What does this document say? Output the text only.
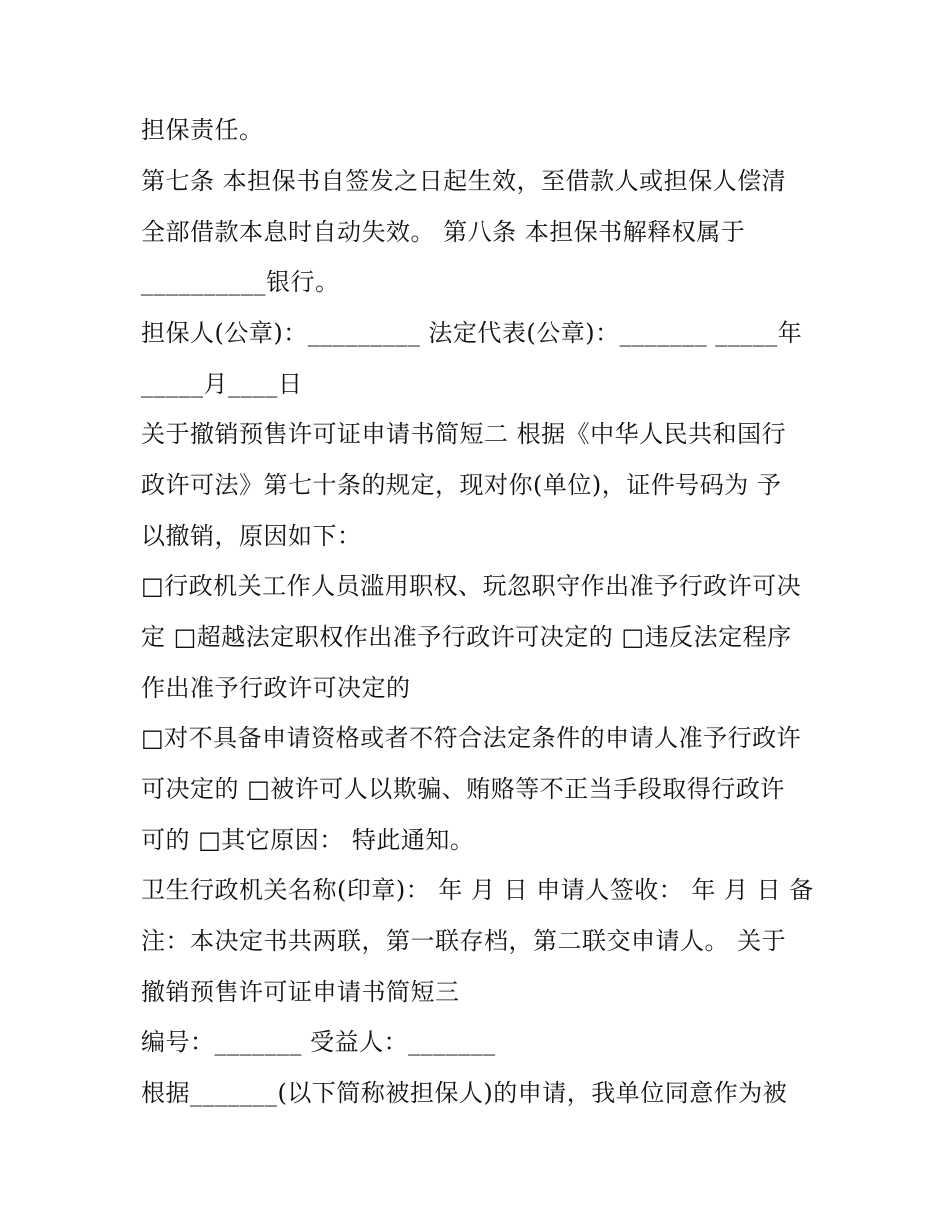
担保责任。
第七条 本担保书自签发之日起生效，至借款人或担保人偿清
全部借款本息时自动失效。 第八条 本担保书解释权属于
__________银行。
担保人(公章)：_________ 法定代表(公章)：_______ _____年
_____月____日
关于撤销预售许可证申请书简短二 根据《中华人民共和国行
政许可法》第七十条的规定，现对你(单位)，证件号码为 予
以撤销，原因如下：
□行政机关工作人员滥用职权、玩忽职守作出准予行政许可决
定 □超越法定职权作出准予行政许可决定的 □违反法定程序
作出准予行政许可决定的
□对不具备申请资格或者不符合法定条件的申请人准予行政许
可决定的 □被许可人以欺骗、贿赂等不正当手段取得行政许
可的 □其它原因： 特此通知。
卫生行政机关名称(印章)： 年 月 日 申请人签收： 年 月 日 备
注：本决定书共两联，第一联存档，第二联交申请人。 关于
撤销预售许可证申请书简短三
编号：_______ 受益人：_______
根据_______(以下简称被担保人)的申请，我单位同意作为被
